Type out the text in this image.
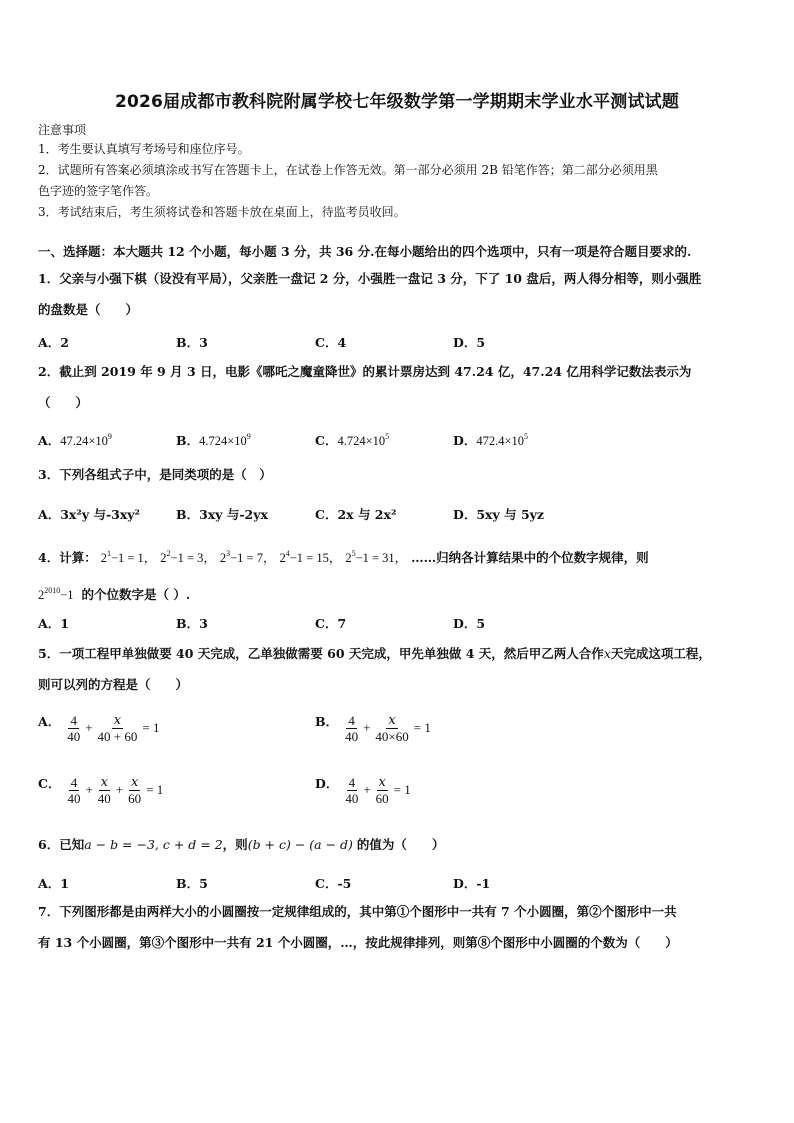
2026届成都市教科院附属学校七年级数学第一学期期末学业水平测试试题
注意事项
1．考生要认真填写考场号和座位序号。
2．试题所有答案必须填涂或书写在答题卡上，在试卷上作答无效。第一部分必须用 2B 铅笔作答；第二部分必须用黑
色字迹的签字笔作答。
3．考试结束后，考生须将试卷和答题卡放在桌面上，待监考员收回。
一、选择题：本大题共 12 个小题，每小题 3 分，共 36 分.在每小题给出的四个选项中，只有一项是符合题目要求的.
1．父亲与小强下棋（设没有平局），父亲胜一盘记 2 分，小强胜一盘记 3 分，下了 10 盘后，两人得分相等，则小强胜
的盘数是（　　）
A．2	B．3	C．4	D．5
2．截止到 2019 年 9 月 3 日，电影《哪吒之魔童降世》的累计票房达到 47.24 亿，47.24 亿用科学记数法表示为
（　　）
A．$47.24\times 10^9$	B．$4.724\times 10^9$	C．$4.724\times 10^5$	D．$472.4\times 10^5$
3．下列各组式子中，是同类项的是（　）
A．3x²y 与-3xy²	B．3xy 与-2yx	C．2x 与 2x²	D．5xy 与 5yz
4．计算： $2^1-1 = 1$， $2^2-1 = 3$， $2^3-1 = 7$， $2^4-1 = 15$， $2^5-1 = 31$， ……归纳各计算结果中的个位数字规律，则
$2^{2010}-1$ 的个位数字是（ ）.
A．1	B．3	C．7	D．5
5．一项工程甲单独做要 40 天完成，乙单独做需要 60 天完成，甲先单独做 4 天，然后甲乙两人合作x天完成这项工程，
则可以列的方程是（　　）
A． $\frac{4}{40} + \frac{x}{40 + 60} = 1$	B． $\frac{4}{40} + \frac{x}{40\times 60} = 1$
C． $\frac{4}{40} + \frac{x}{40} + \frac{x}{60} = 1$	D． $\frac{4}{40} + \frac{x}{60} = 1$
6．已知a − b = −3, c + d = 2，则(b + c) − (a − d) 的值为（　　）
A．1	B．5	C．-5	D．-1
7．下列图形都是由两样大小的小圆圈按一定规律组成的，其中第①个图形中一共有 7 个小圆圈，第②个图形中一共
有 13 个小圆圈，第③个图形中一共有 21 个小圆圈，…，按此规律排列，则第⑧个图形中小圆圈的个数为（　　）
